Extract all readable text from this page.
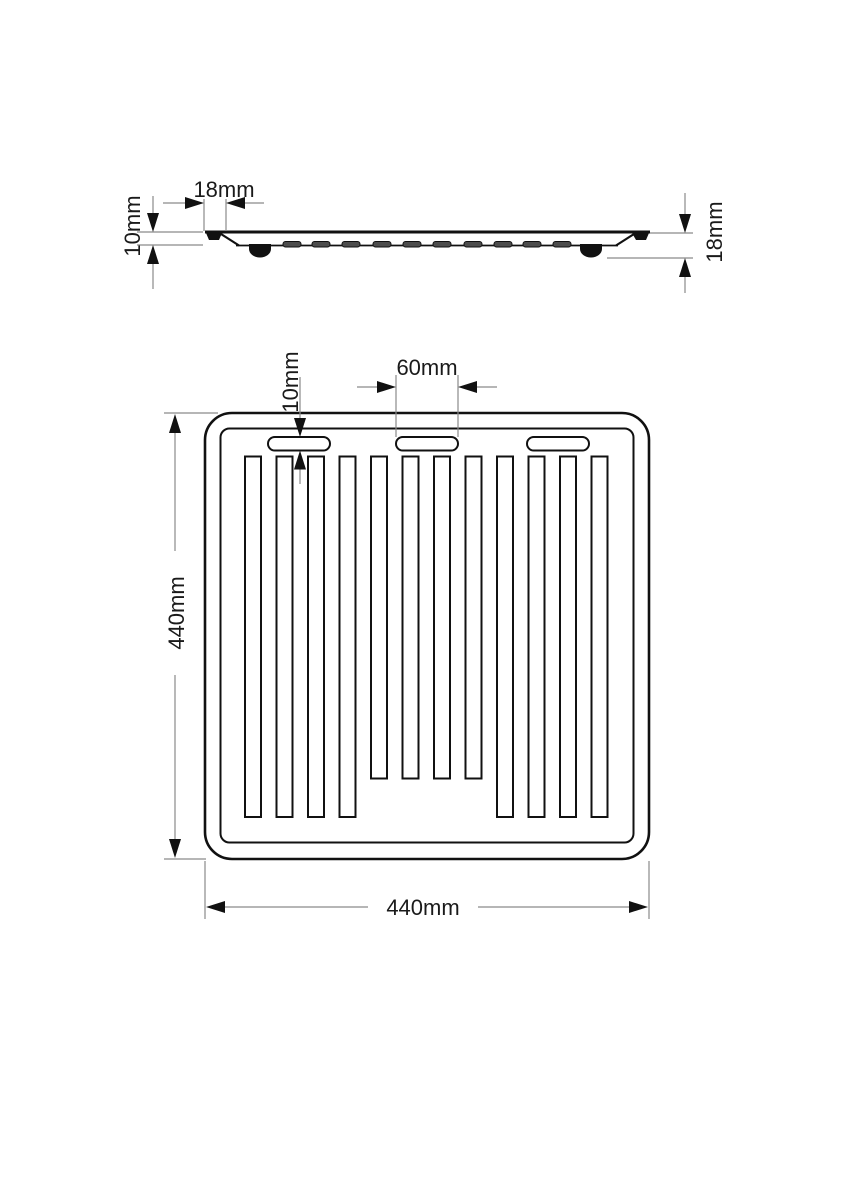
18mm
10mm	18mm
10mm	60mm
440mm
440mm
